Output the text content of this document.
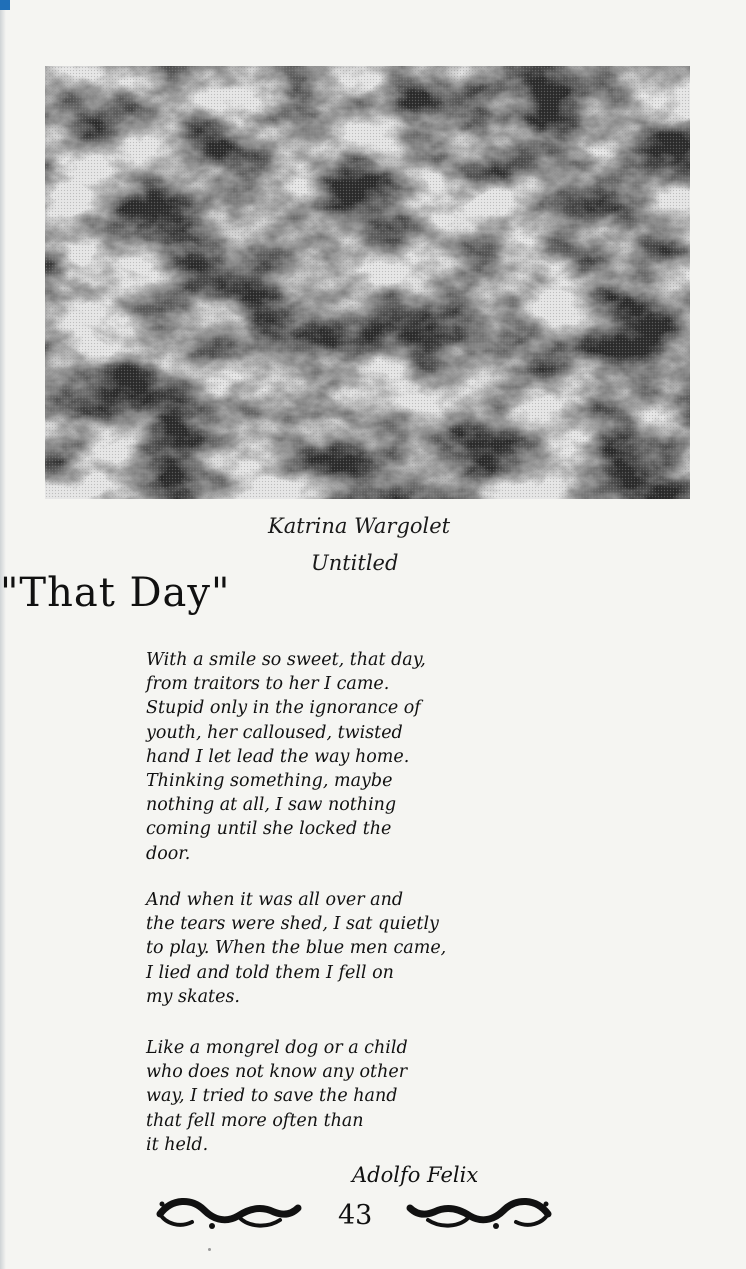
Katrina Wargolet
Untitled
"That Day"
With a smile so sweet, that day,
from traitors to her I came.
Stupid only in the ignorance of
youth, her calloused, twisted
hand I let lead the way home.
Thinking something, maybe
nothing at all, I saw nothing
coming until she locked the
door.
And when it was all over and
the tears were shed, I sat quietly
to play. When the blue men came,
I lied and told them I fell on
my skates.
Like a mongrel dog or a child
who does not know any other
way, I tried to save the hand
that fell more often than
it held.
Adolfo Felix
43
